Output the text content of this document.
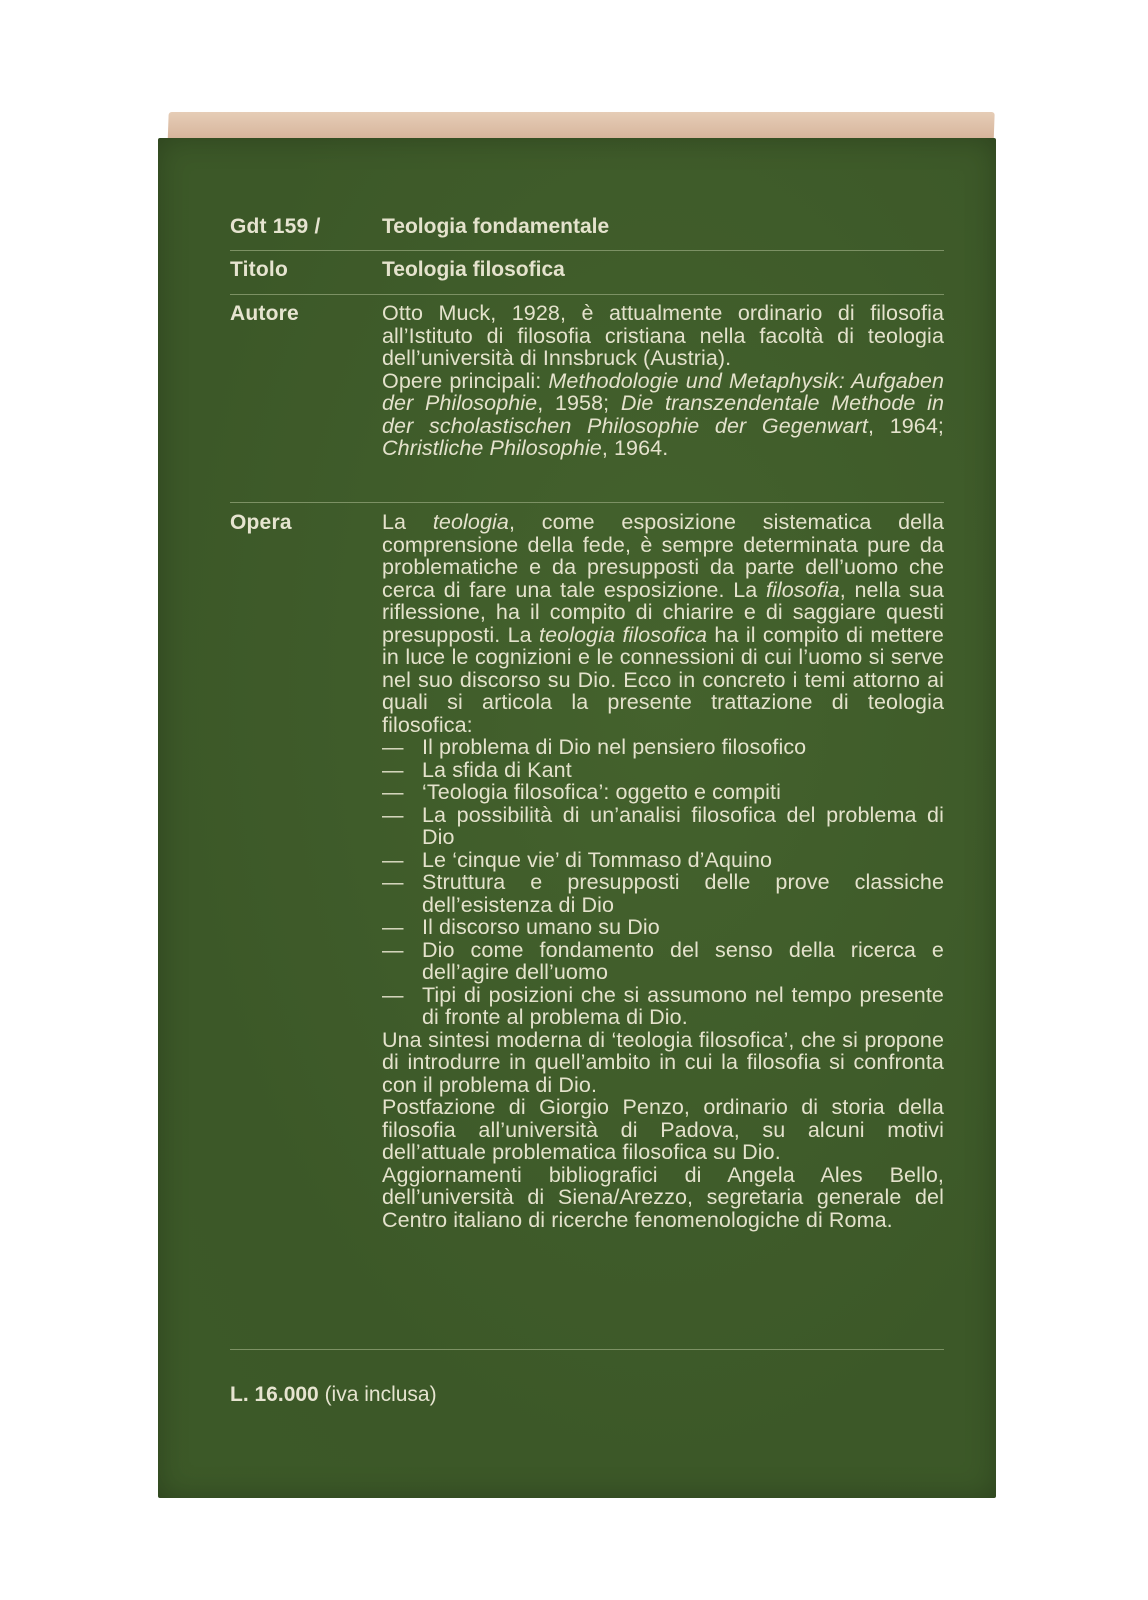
Gdt 159 /	Teologia fondamentale
Titolo	Teologia filosofica
Autore	Otto Muck, 1928, è attualmente ordinario di filosofia all’Istituto di filosofia cristiana nella facoltà di teologia dell’università di Innsbruck (Austria).

Opere principali: Methodologie und Metaphysik: Aufgaben der Philosophie, 1958; Die transzendentale Methode in der scholastischen Philosophie der Gegenwart, 1964; Christliche Philosophie, 1964.

Opera	La teologia, come esposizione sistematica della comprensione della fede, è sempre determinata pure da problematiche e da presupposti da parte dell’uomo che cerca di fare una tale esposizione. La filosofia, nella sua riflessione, ha il compito di chiarire e di saggiare questi presupposti. La teologia filosofica ha il compito di mettere in luce le cognizioni e le connessioni di cui l’uomo si serve nel suo discorso su Dio. Ecco in concreto i temi attorno ai quali si articola la presente trattazione di teologia filosofica:

— Il problema di Dio nel pensiero filosofico
— La sfida di Kant
— ‘Teologia filosofica’: oggetto e compiti
— La possibilità di un’analisi filosofica del problema di Dio
— Le ‘cinque vie’ di Tommaso d’Aquino
— Struttura e presupposti delle prove classiche dell’esistenza di Dio
— Il discorso umano su Dio
— Dio come fondamento del senso della ricerca e dell’agire dell’uomo
— Tipi di posizioni che si assumono nel tempo presente di fronte al problema di Dio.

Una sintesi moderna di ‘teologia filosofica’, che si propone di introdurre in quell’ambito in cui la filosofia si confronta con il problema di Dio.

Postfazione di Giorgio Penzo, ordinario di storia della filosofia all’università di Padova, su alcuni motivi dell’attuale problematica filosofica su Dio.

Aggiornamenti bibliografici di Angela Ales Bello, dell’università di Siena/Arezzo, segretaria generale del Centro italiano di ricerche fenomenologiche di Roma.

L. 16.000 (iva inclusa)
